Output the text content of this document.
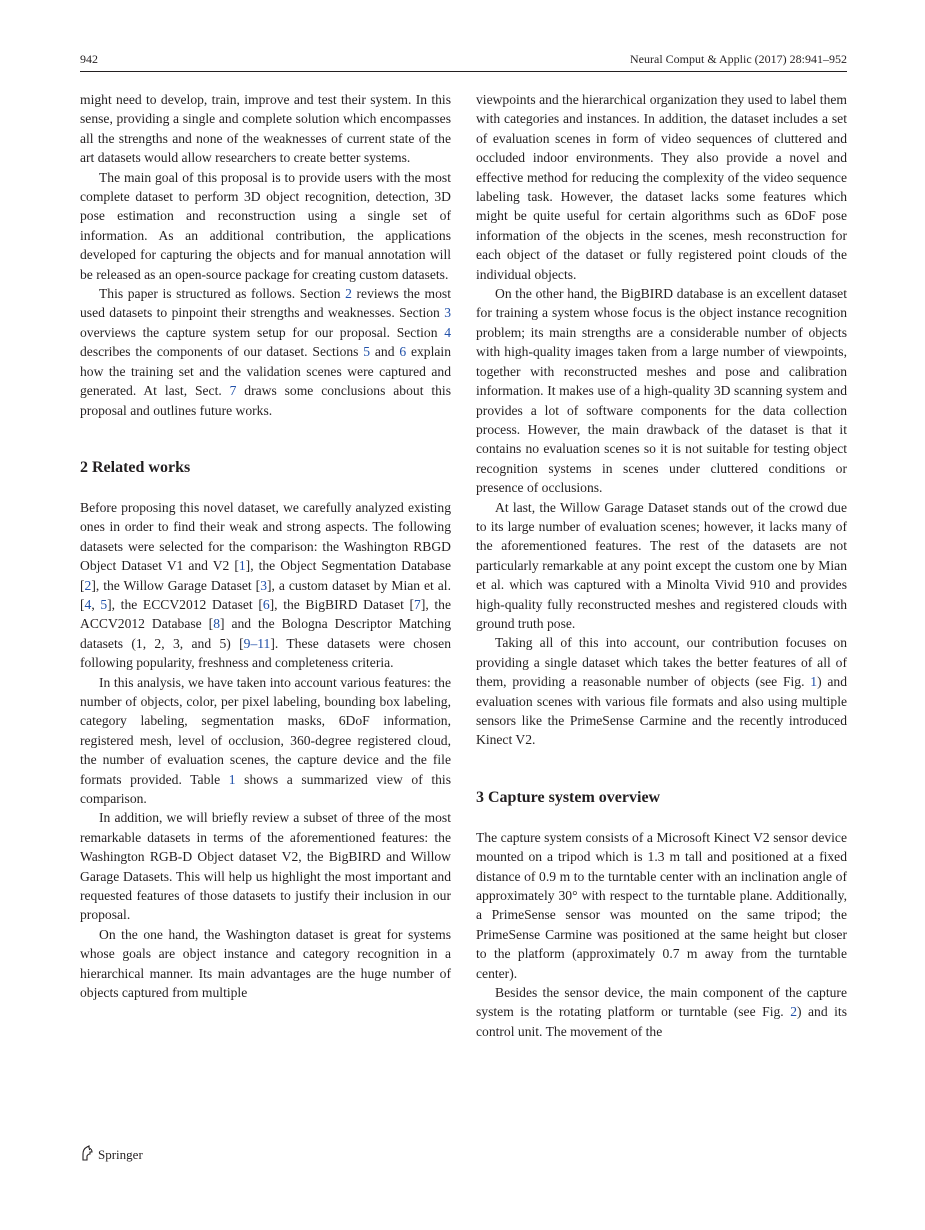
942	Neural Comput & Applic (2017) 28:941–952

might need to develop, train, improve and test their system. In this sense, providing a single and complete solution which encompasses all the strengths and none of the weaknesses of current state of the art datasets would allow researchers to create better systems.

The main goal of this proposal is to provide users with the most complete dataset to perform 3D object recognition, detection, 3D pose estimation and reconstruction using a single set of information. As an additional contribution, the applications developed for capturing the objects and for manual annotation will be released as an open-source package for creating custom datasets.

This paper is structured as follows. Section 2 reviews the most used datasets to pinpoint their strengths and weaknesses. Section 3 overviews the capture system setup for our proposal. Section 4 describes the components of our dataset. Sections 5 and 6 explain how the training set and the validation scenes were captured and generated. At last, Sect. 7 draws some conclusions about this proposal and outlines future works.

2 Related works

Before proposing this novel dataset, we carefully analyzed existing ones in order to find their weak and strong aspects. The following datasets were selected for the comparison: the Washington RBGD Object Dataset V1 and V2 [1], the Object Segmentation Database [2], the Willow Garage Dataset [3], a custom dataset by Mian et al. [4, 5], the ECCV2012 Dataset [6], the BigBIRD Dataset [7], the ACCV2012 Database [8] and the Bologna Descriptor Matching datasets (1, 2, 3, and 5) [9–11]. These datasets were chosen following popularity, freshness and completeness criteria.

In this analysis, we have taken into account various features: the number of objects, color, per pixel labeling, bounding box labeling, category labeling, segmentation masks, 6DoF information, registered mesh, level of occlusion, 360-degree registered cloud, the number of evaluation scenes, the capture device and the file formats provided. Table 1 shows a summarized view of this comparison.

In addition, we will briefly review a subset of three of the most remarkable datasets in terms of the aforementioned features: the Washington RGB-D Object dataset V2, the BigBIRD and Willow Garage Datasets. This will help us highlight the most important and requested features of those datasets to justify their inclusion in our proposal.

On the one hand, the Washington dataset is great for systems whose goals are object instance and category recognition in a hierarchical manner. Its main advantages are the huge number of objects captured from multiple

viewpoints and the hierarchical organization they used to label them with categories and instances. In addition, the dataset includes a set of evaluation scenes in form of video sequences of cluttered and occluded indoor environments. They also provide a novel and effective method for reducing the complexity of the video sequence labeling task. However, the dataset lacks some features which might be quite useful for certain algorithms such as 6DoF pose information of the objects in the scenes, mesh reconstruction for each object of the dataset or fully registered point clouds of the individual objects.

On the other hand, the BigBIRD database is an excellent dataset for training a system whose focus is the object instance recognition problem; its main strengths are a considerable number of objects with high-quality images taken from a large number of viewpoints, together with reconstructed meshes and pose and calibration information. It makes use of a high-quality 3D scanning system and provides a lot of software components for the data collection process. However, the main drawback of the dataset is that it contains no evaluation scenes so it is not suitable for testing object recognition systems in scenes under cluttered conditions or presence of occlusions.

At last, the Willow Garage Dataset stands out of the crowd due to its large number of evaluation scenes; however, it lacks many of the aforementioned features. The rest of the datasets are not particularly remarkable at any point except the custom one by Mian et al. which was captured with a Minolta Vivid 910 and provides high-quality fully reconstructed meshes and registered clouds with ground truth pose.

Taking all of this into account, our contribution focuses on providing a single dataset which takes the better features of all of them, providing a reasonable number of objects (see Fig. 1) and evaluation scenes with various file formats and also using multiple sensors like the PrimeSense Carmine and the recently introduced Kinect V2.

3 Capture system overview

The capture system consists of a Microsoft Kinect V2 sensor device mounted on a tripod which is 1.3 m tall and positioned at a fixed distance of 0.9 m to the turntable center with an inclination angle of approximately 30° with respect to the turntable plane. Additionally, a PrimeSense sensor was mounted on the same tripod; the PrimeSense Carmine was positioned at the same height but closer to the platform (approximately 0.7 m away from the turntable center).

Besides the sensor device, the main component of the capture system is the rotating platform or turntable (see Fig. 2) and its control unit. The movement of the

Springer
